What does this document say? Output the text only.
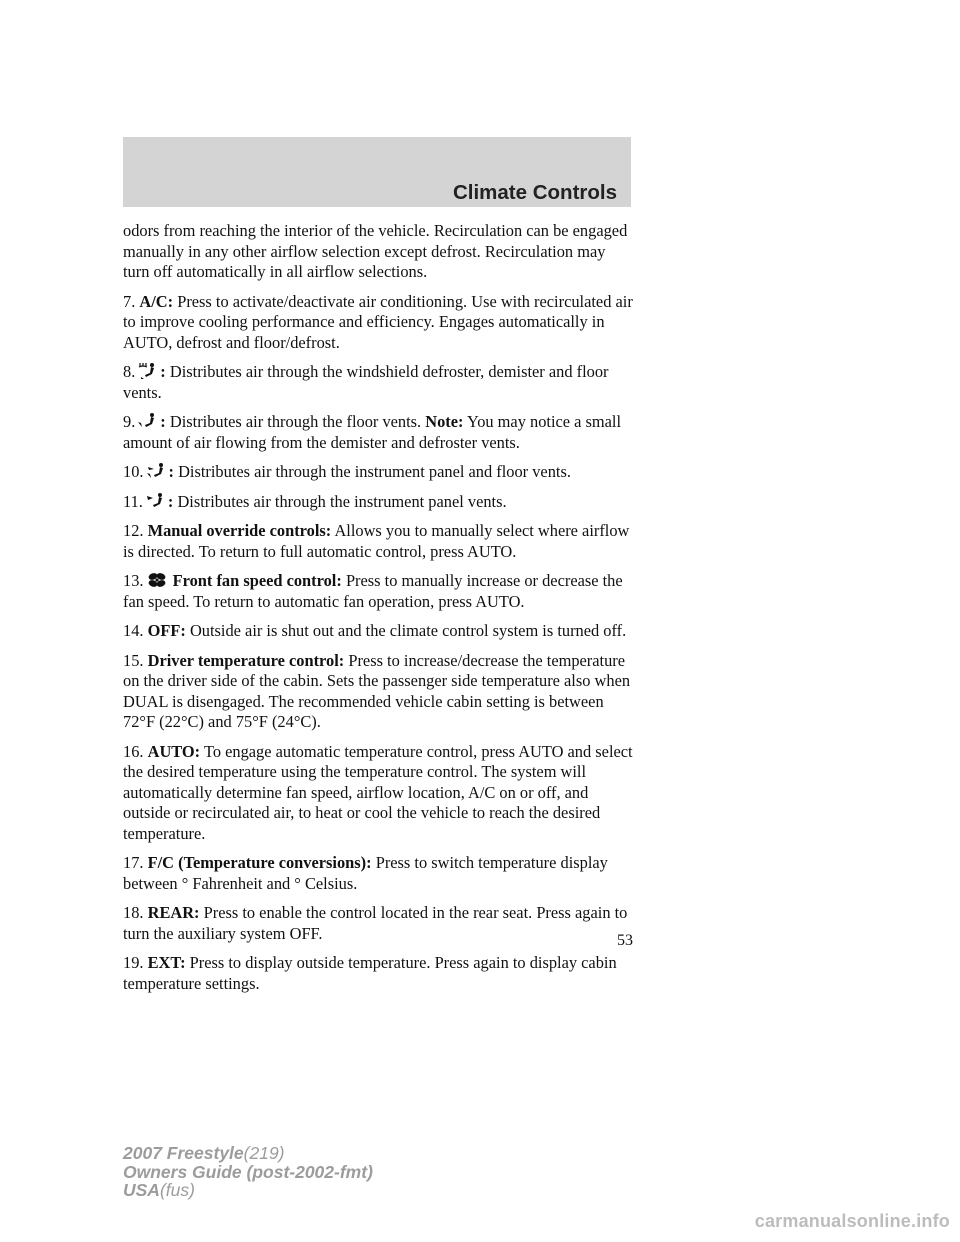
Climate Controls

odors from reaching the interior of the vehicle. Recirculation can be engaged manually in any other airflow selection except defrost. Recirculation may turn off automatically in all airflow selections.

7. A/C: Press to activate/deactivate air conditioning. Use with recirculated air to improve cooling performance and efficiency. Engages automatically in AUTO, defrost and floor/defrost.

8. : Distributes air through the windshield defroster, demister and floor vents.

9. : Distributes air through the floor vents. Note: You may notice a small amount of air flowing from the demister and defroster vents.

10. : Distributes air through the instrument panel and floor vents.

11. : Distributes air through the instrument panel vents.

12. Manual override controls: Allows you to manually select where airflow is directed. To return to full automatic control, press AUTO.

13. Front fan speed control: Press to manually increase or decrease the fan speed. To return to automatic fan operation, press AUTO.

14. OFF: Outside air is shut out and the climate control system is turned off.

15. Driver temperature control: Press to increase/decrease the temperature on the driver side of the cabin. Sets the passenger side temperature also when DUAL is disengaged. The recommended vehicle cabin setting is between 72°F (22°C) and 75°F (24°C).

16. AUTO: To engage automatic temperature control, press AUTO and select the desired temperature using the temperature control. The system will automatically determine fan speed, airflow location, A/C on or off, and outside or recirculated air, to heat or cool the vehicle to reach the desired temperature.

17. F/C (Temperature conversions): Press to switch temperature display between ° Fahrenheit and ° Celsius.

18. REAR: Press to enable the control located in the rear seat. Press again to turn the auxiliary system OFF.

19. EXT: Press to display outside temperature. Press again to display cabin temperature settings.

53
2007 Freestyle(219)
Owners Guide (post-2002-fmt)
USA(fus)
carmanualsonline.info
